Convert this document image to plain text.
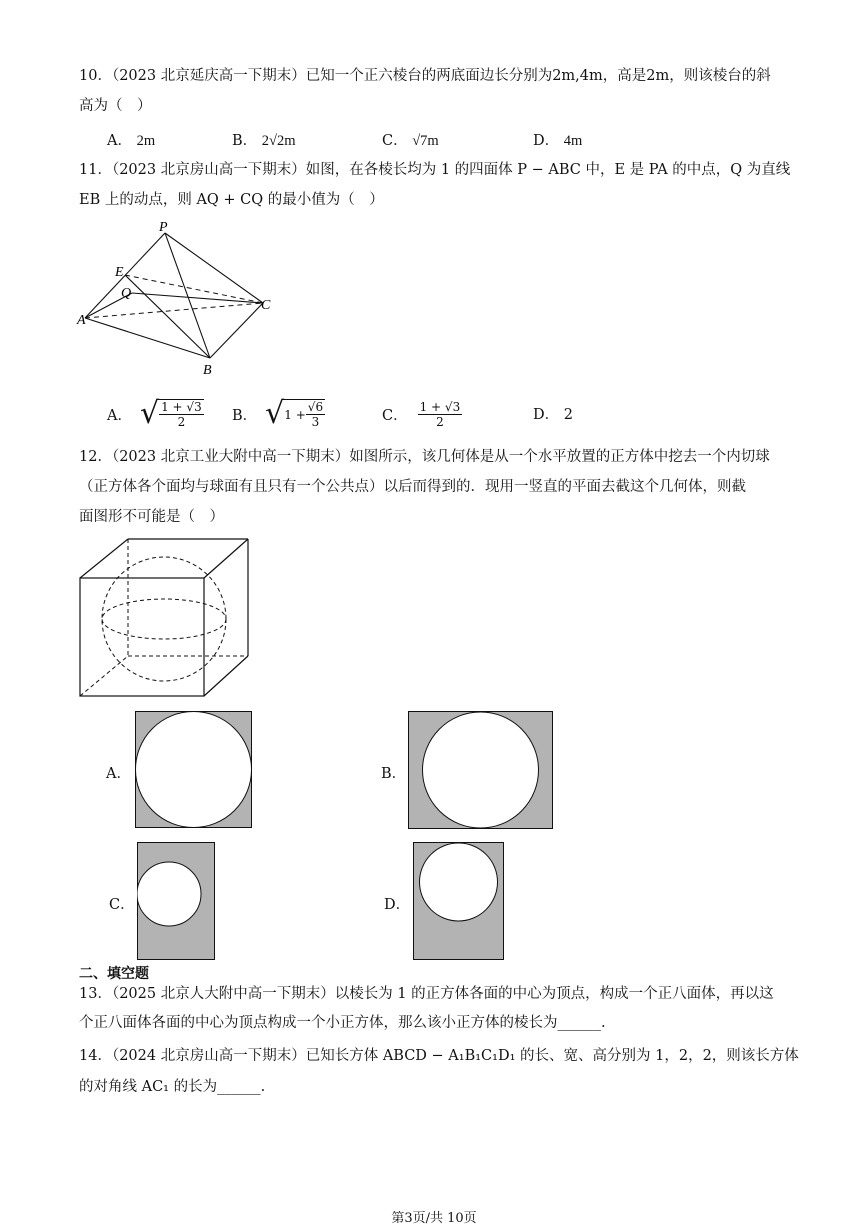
10．（2023 北京延庆高一下期末）已知一个正六棱台的两底面边长分别为2m,4m，高是2m，则该棱台的斜
高为（　）
A． 2m	B． 2√2m	C． √7m	D． 4m
11．（2023 北京房山高一下期末）如图，在各棱长均为 1 的四面体 P − ABC 中，E 是 PA 的中点，Q 为直线
EB 上的动点，则 AQ + CQ 的最小值为（　）
P
E
Q
A
B
C
A． √ $\frac{1 + √3}{2}$ B． √ $1 + \frac{√6}{3}$	C． $\frac{1 + √3}{2}$	D． 2
12．（2023 北京工业大附中高一下期末）如图所示，该几何体是从一个水平放置的正方体中挖去一个内切球
（正方体各个面均与球面有且只有一个公共点）以后而得到的．现用一竖直的平面去截这个几何体，则截
面图形不可能是（　）
A．	B．
C．	D．
二、填空题
13．（2025 北京人大附中高一下期末）以棱长为 1 的正方体各面的中心为顶点，构成一个正八面体，再以这
个正八面体各面的中心为顶点构成一个小正方体，那么该小正方体的棱长为______.
14．（2024 北京房山高一下期末）已知长方体 ABCD − A₁B₁C₁D₁ 的长、宽、高分别为 1，2，2，则该长方体
的对角线 AC₁ 的长为______.
第3页/共 10页
